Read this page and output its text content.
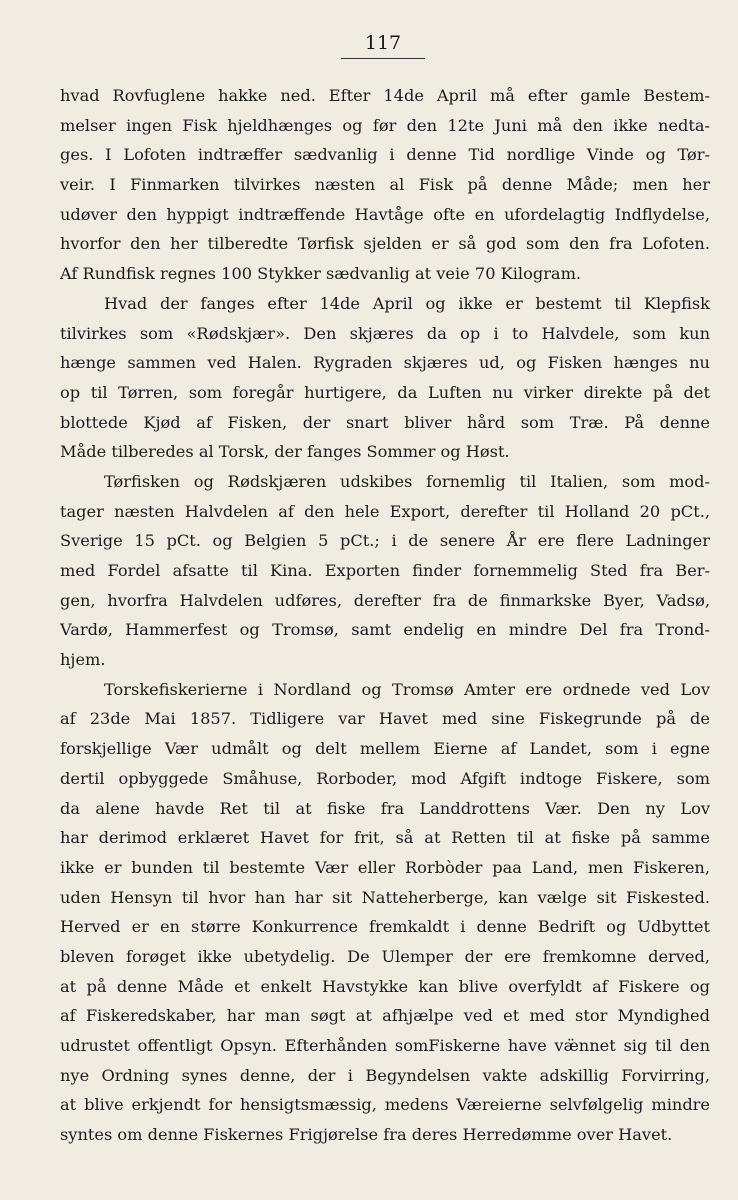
117
hvad Rovfuglene hakke ned. Efter 14de April må efter gamle Bestem-
melser ingen Fisk hjeldhænges og før den 12te Juni må den ikke nedta-
ges. I Lofoten indtræffer sædvanlig i denne Tid nordlige Vinde og Tør-
veir. I Finmarken tilvirkes næsten al Fisk på denne Måde; men her
udøver den hyppigt indtræffende Havtåge ofte en ufordelagtig Indflydelse,
hvorfor den her tilberedte Tørfisk sjelden er så god som den fra Lofoten.
Af Rundfisk regnes 100 Stykker sædvanlig at veie 70 Kilogram.
Hvad der fanges efter 14de April og ikke er bestemt til Klepfisk
tilvirkes som «Rødskjær». Den skjæres da op i to Halvdele, som kun
hænge sammen ved Halen. Rygraden skjæres ud, og Fisken hænges nu
op til Tørren, som foregår hurtigere, da Luften nu virker direkte på det
blottede Kjød af Fisken, der snart bliver hård som Træ. På denne
Måde tilberedes al Torsk, der fanges Sommer og Høst.
Tørfisken og Rødskjæren udskibes fornemlig til Italien, som mod-
tager næsten Halvdelen af den hele Export, derefter til Holland 20 pCt.,
Sverige 15 pCt. og Belgien 5 pCt.; i de senere År ere flere Ladninger
med Fordel afsatte til Kina. Exporten finder fornemmelig Sted fra Ber-
gen, hvorfra Halvdelen udføres, derefter fra de finmarkske Byer, Vadsø,
Vardø, Hammerfest og Tromsø, samt endelig en mindre Del fra Trond-
hjem.
Torskefiskerierne i Nordland og Tromsø Amter ere ordnede ved Lov
af 23de Mai 1857. Tidligere var Havet med sine Fiskegrunde på de
forskjellige Vær udmålt og delt mellem Eierne af Landet, som i egne
dertil opbyggede Småhuse, Rorboder, mod Afgift indtoge Fiskere, som
da alene havde Ret til at fiske fra Landdrottens Vær. Den ny Lov
har derimod erklæret Havet for frit, så at Retten til at fiske på samme
ikke er bunden til bestemte Vær eller Rorbòder paa Land, men Fiskeren,
uden Hensyn til hvor han har sit Natteherberge, kan vælge sit Fiskested.
Herved er en større Konkurrence fremkaldt i denne Bedrift og Udbyttet
bleven forøget ikke ubetydelig. De Ulemper der ere fremkomne derved,
at på denne Måde et enkelt Havstykke kan blive overfyldt af Fiskere og
af Fiskeredskaber, har man søgt at afhjælpe ved et med stor Myndighed
udrustet offentligt Opsyn. Efterhånden somFiskerne have væ̈nnet sig til den
nye Ordning synes denne, der i Begyndelsen vakte adskillig Forvirring,
at blive erkjendt for hensigtsmæssig, medens Væreierne selvfølgelig mindre
syntes om denne Fiskernes Frigjørelse fra deres Herredømme over Havet.
